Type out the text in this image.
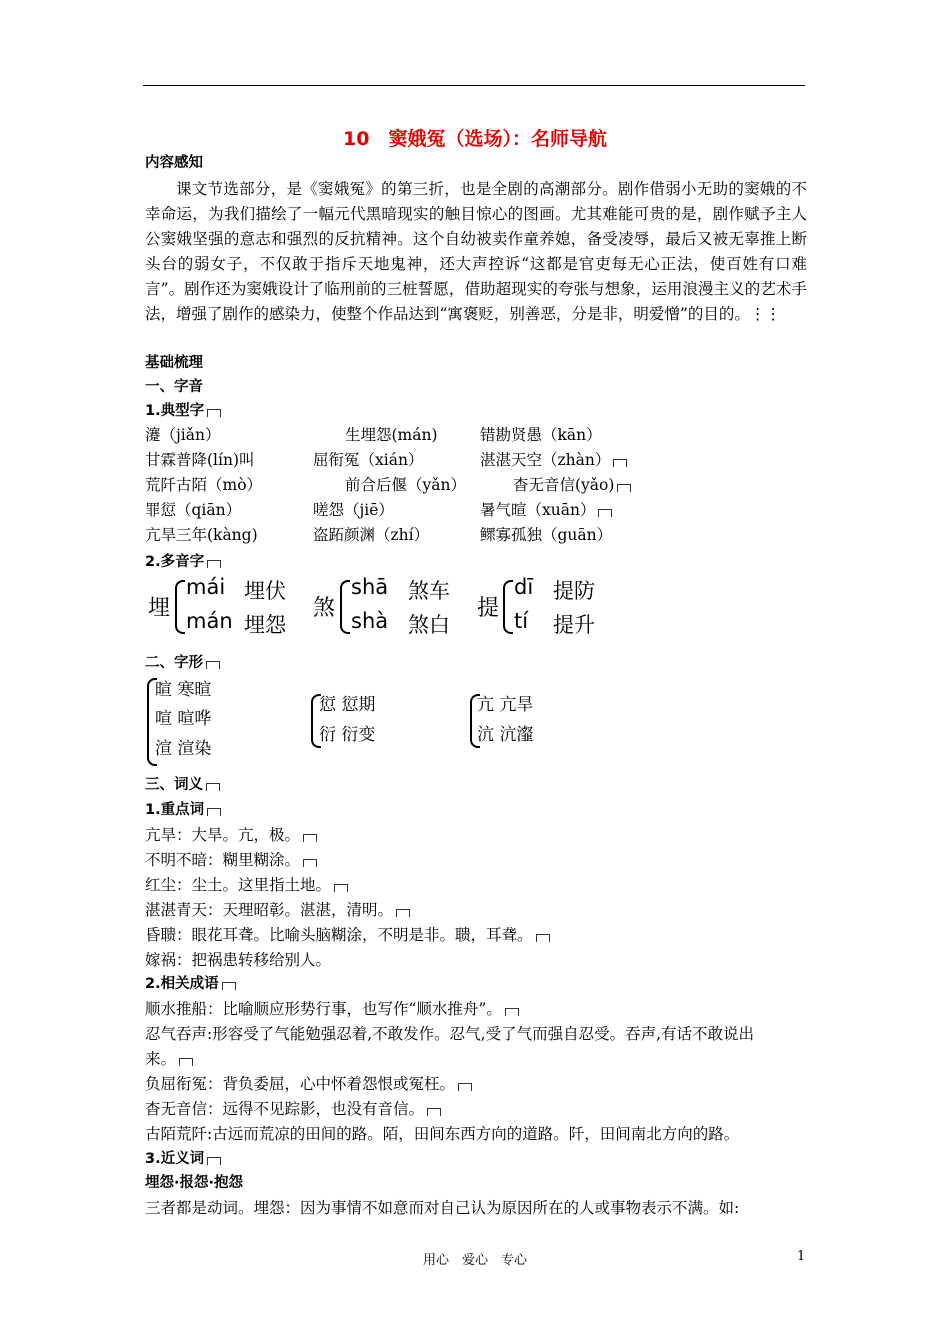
10　窦娥冤（选场）：名师导航
内容感知
课文节选部分，是《窦娥冤》的第三折，也是全剧的高潮部分。剧作借弱小无助的窦娥的不幸命运，为我们描绘了一幅元代黑暗现实的触目惊心的图画。尤其难能可贵的是，剧作赋予主人公窦娥坚强的意志和强烈的反抗精神。这个自幼被卖作童养媳，备受凌辱，最后又被无辜推上断头台的弱女子，不仅敢于指斥天地鬼神，还大声控诉“这都是官吏每无心正法，使百姓有口难言”。剧作还为窦娥设计了临刑前的三桩誓愿，借助超现实的夸张与想象，运用浪漫主义的艺术手法，增强了剧作的感染力，使整个作品达到“寓褒贬，别善恶，分是非，明爱憎”的目的。⋮⋮
基础梳理
一、字音
1.典型字
瀽（jiǎn）	生埋怨(mán)	错勘贤愚（kān）
甘霖普降(lín)叫	屈衔冤（xián）	湛湛天空（zhàn）
荒阡古陌（mò）	前合后偃（yǎn）	杳无音信(yǎo)
罪愆（qiān）	嗟怨（jiē）	暑气暄（xuān）
亢旱三年(kàng)	盗跖颜渊（zhí）	鳏寡孤独（guān）
2.多音字
埋
mái 埋伏
mán 埋怨
煞
shā 煞车
shà 煞白
提
dī 提防
tí 提升
二、字形
暄 寒暄
喧 喧哗
渲 渲染
愆 愆期
衍 衍变
亢 亢旱
沆 沆瀣
三、词义
1.重点词
亢旱：大旱。亢，极。
不明不暗：糊里糊涂。
红尘：尘土。这里指土地。
湛湛青天：天理昭彰。湛湛，清明。
昏聩：眼花耳聋。比喻头脑糊涂，不明是非。聩，耳聋。
嫁祸：把祸患转移给别人。
2.相关成语
顺水推船：比喻顺应形势行事，也写作“顺水推舟”。
忍气吞声:形容受了气能勉强忍着,不敢发作。忍气,受了气而强自忍受。吞声,有话不敢说出
来。
负屈衔冤：背负委屈，心中怀着怨恨或冤枉。
杳无音信：远得不见踪影，也没有音信。
古陌荒阡:古远而荒凉的田间的路。陌，田间东西方向的道路。阡，田间南北方向的路。
3.近义词
埋怨·报怨·抱怨
三者都是动词。埋怨：因为事情不如意而对自己认为原因所在的人或事物表示不满。如:
用心　爱心　专心	1
